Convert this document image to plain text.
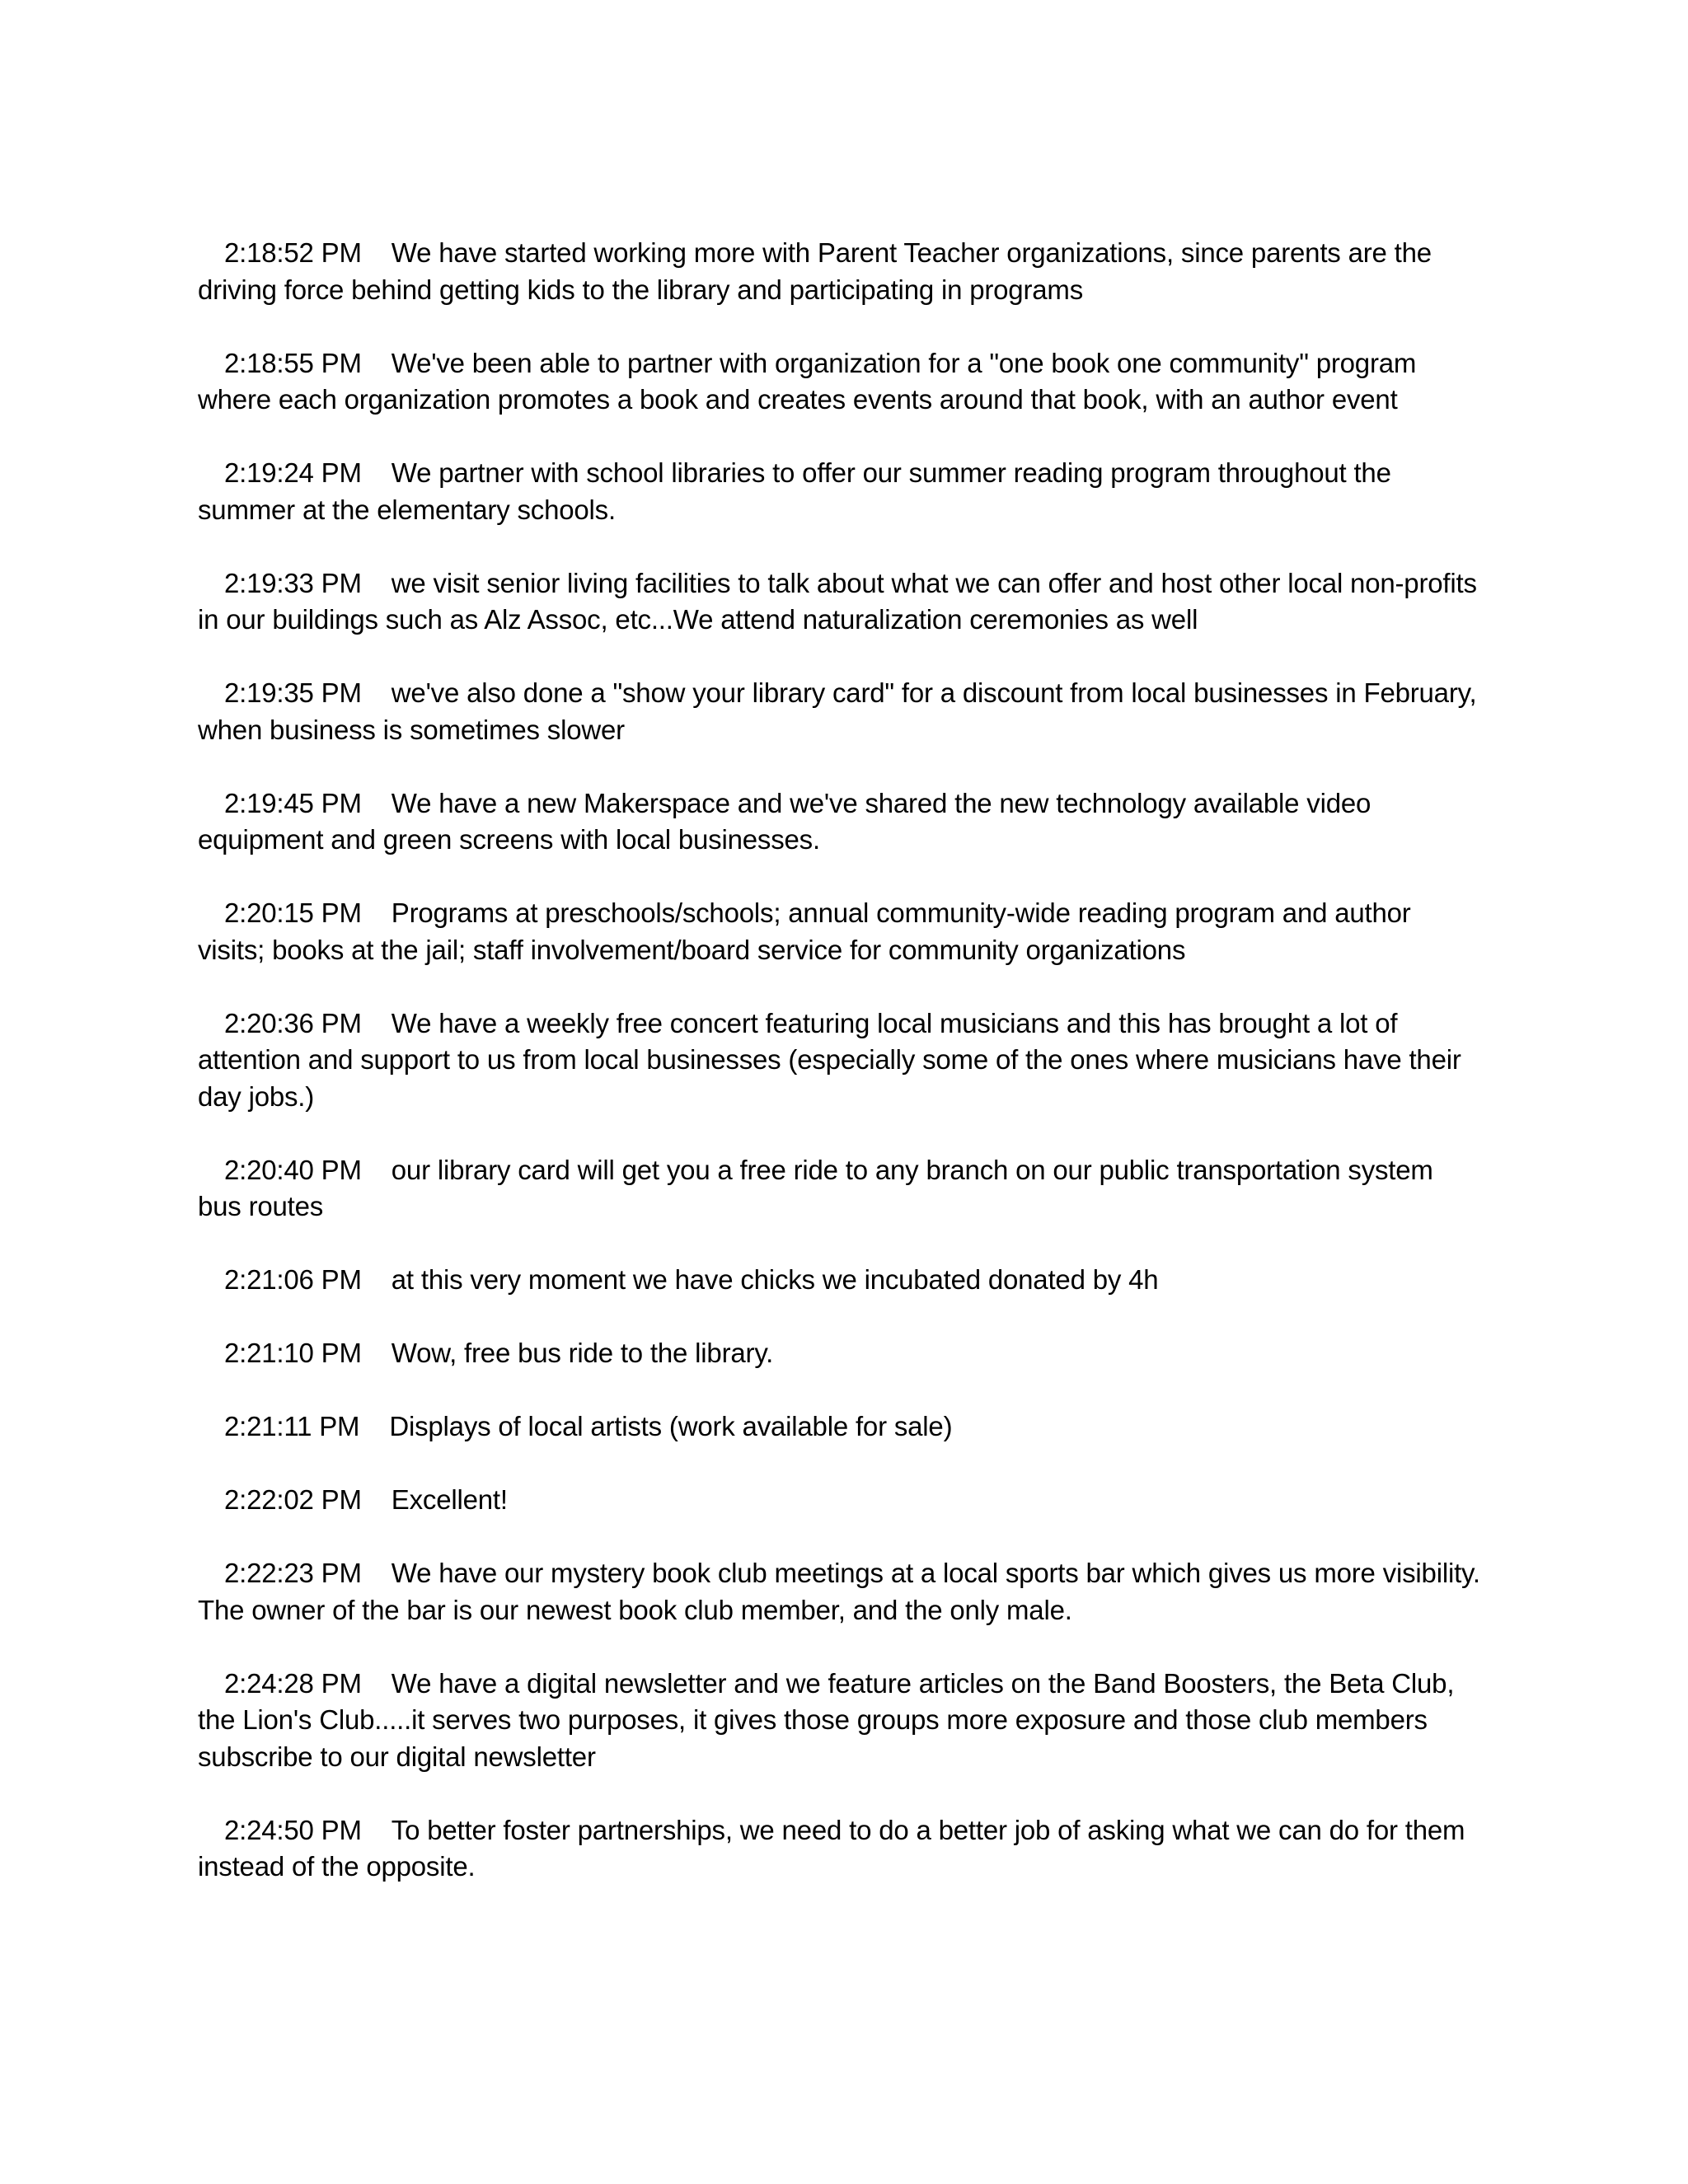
2:18:52 PM We have started working more with Parent Teacher organizations, since parents are the driving force behind getting kids to the library and participating in programs

2:18:55 PM We've been able to partner with organization for a "one book one community" program where each organization promotes a book and creates events around that book, with an author event

2:19:24 PM We partner with school libraries to offer our summer reading program throughout the summer at the elementary schools.

2:19:33 PM we visit senior living facilities to talk about what we can offer and host other local non-profits in our buildings such as Alz Assoc, etc...We attend naturalization ceremonies as well

2:19:35 PM we've also done a "show your library card" for a discount from local businesses in February, when business is sometimes slower

2:19:45 PM We have a new Makerspace and we've shared the new technology available video equipment and green screens with local businesses.

2:20:15 PM Programs at preschools/schools; annual community-wide reading program and author visits; books at the jail; staff involvement/board service for community organizations

2:20:36 PM We have a weekly free concert featuring local musicians and this has brought a lot of attention and support to us from local businesses (especially some of the ones where musicians have their day jobs.)

2:20:40 PM our library card will get you a free ride to any branch on our public transportation system bus routes

2:21:06 PM at this very moment we have chicks we incubated donated by 4h

2:21:10 PM Wow, free bus ride to the library.

2:21:11 PM Displays of local artists (work available for sale)

2:22:02 PM Excellent!

2:22:23 PM We have our mystery book club meetings at a local sports bar which gives us more visibility. The owner of the bar is our newest book club member, and the only male.

2:24:28 PM We have a digital newsletter and we feature articles on the Band Boosters, the Beta Club, the Lion's Club.....it serves two purposes, it gives those groups more exposure and those club members subscribe to our digital newsletter

2:24:50 PM To better foster partnerships, we need to do a better job of asking what we can do for them instead of the opposite.
